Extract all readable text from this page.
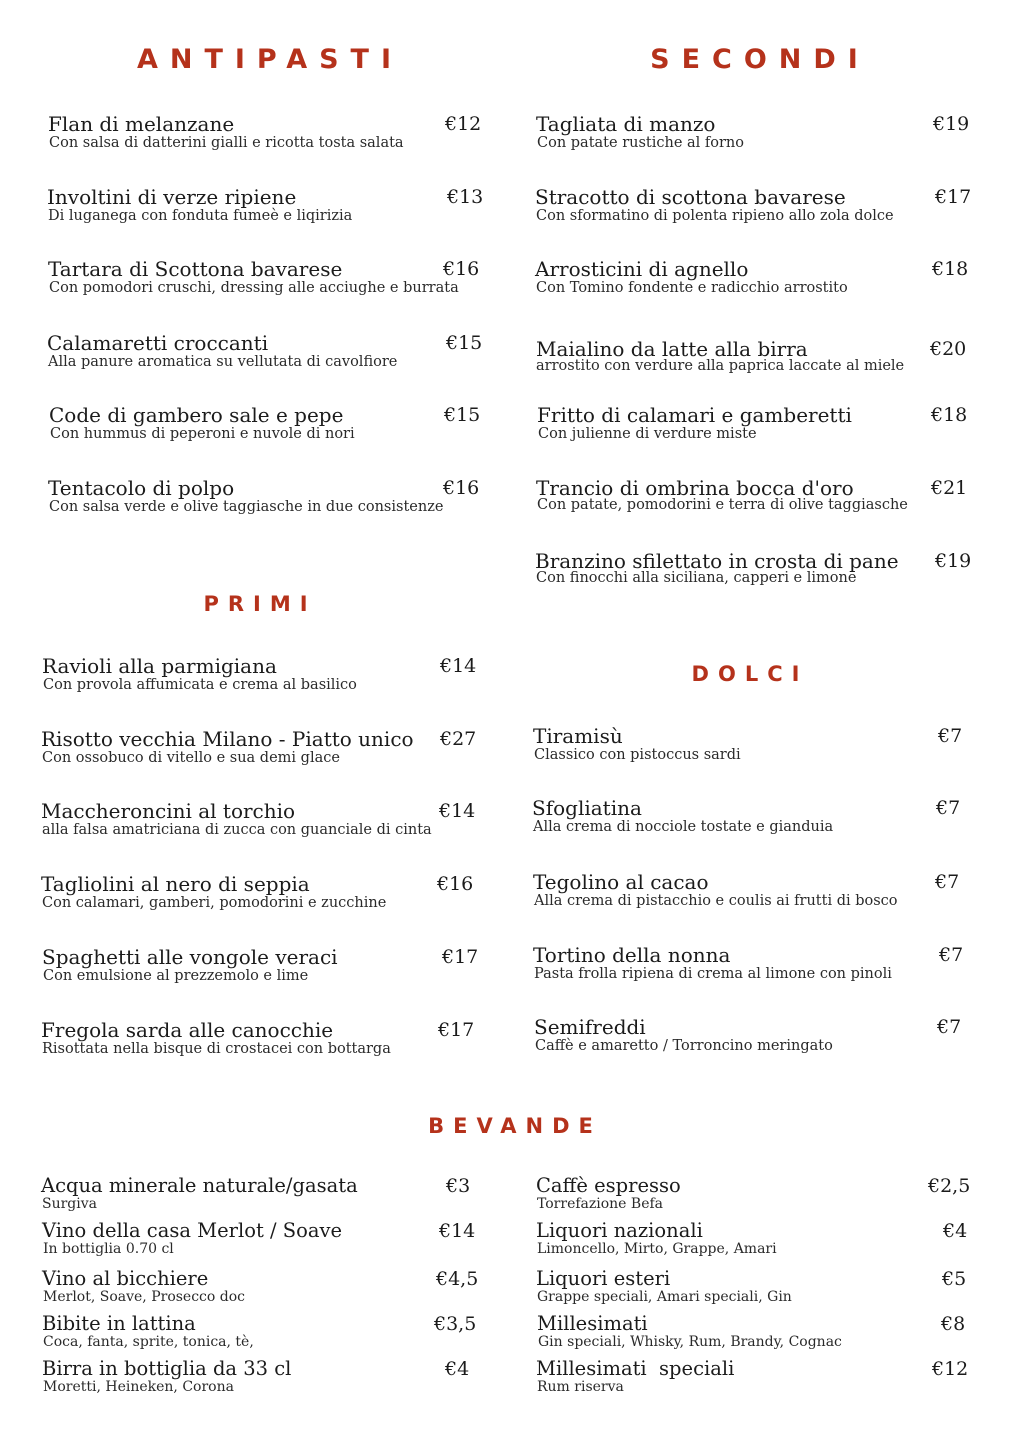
ANTIPASTI	SECONDI
PRIMI
DOLCI
BEVANDE
Flan di melanzane
Con salsa di datterini gialli e ricotta tosta salata
€12
Involtini di verze ripiene
Di luganega con fonduta fumeè e liqirizia
€13
Tartara di Scottona bavarese
Con pomodori cruschi, dressing alle acciughe e burrata
€16
Calamaretti croccanti
Alla panure aromatica su vellutata di cavolfiore
€15
Code di gambero sale e pepe
Con hummus di peperoni e nuvole di nori
€15
Tentacolo di polpo
Con salsa verde e olive taggiasche in due consistenze
€16
Tagliata di manzo
Con patate rustiche al forno
€19
Stracotto di scottona bavarese
Con sformatino di polenta ripieno allo zola dolce
€17
Arrosticini di agnello
Con Tomino fondente e radicchio arrostito
€18
Maialino da latte alla birra
arrostito con verdure alla paprica laccate al miele
€20
Fritto di calamari e gamberetti
Con julienne di verdure miste
€18
Trancio di ombrina bocca d'oro
Con patate, pomodorini e terra di olive taggiasche
€21
Branzino sfilettato in crosta di pane
Con finocchi alla siciliana, capperi e limone
€19
Ravioli alla parmigiana
Con provola affumicata e crema al basilico
€14
Risotto vecchia Milano - Piatto unico
Con ossobuco di vitello e sua demi glace
€27
Maccheroncini al torchio
alla falsa amatriciana di zucca con guanciale di cinta
€14
Tagliolini al nero di seppia
Con calamari, gamberi, pomodorini e zucchine
€16
Spaghetti alle vongole veraci
Con emulsione al prezzemolo e lime
€17
Fregola sarda alle canocchie
Risottata nella bisque di crostacei con bottarga
€17
Tiramisù
Classico con pistoccus sardi
€7
Sfogliatina
Alla crema di nocciole tostate e gianduia
€7
Tegolino al cacao
Alla crema di pistacchio e coulis ai frutti di bosco
€7
Tortino della nonna
Pasta frolla ripiena di crema al limone con pinoli
€7
Semifreddi
Caffè e amaretto / Torroncino meringato
€7
Acqua minerale naturale/gasata
Surgiva
€3
Vino della casa Merlot / Soave
In bottiglia 0.70 cl
€14
Vino al bicchiere
Merlot, Soave, Prosecco doc
€4,5
Bibite in lattina
Coca, fanta, sprite, tonica, tè,
€3,5
Birra in bottiglia da 33 cl
Moretti, Heineken, Corona
€4
Caffè espresso
Torrefazione Befa
€2,5
Liquori nazionali
Limoncello, Mirto, Grappe, Amari
€4
Liquori esteri
Grappe speciali, Amari speciali, Gin
€5
Millesimati
Gin speciali, Whisky, Rum, Brandy, Cognac
€8
Millesimati  speciali
Rum riserva
€12
